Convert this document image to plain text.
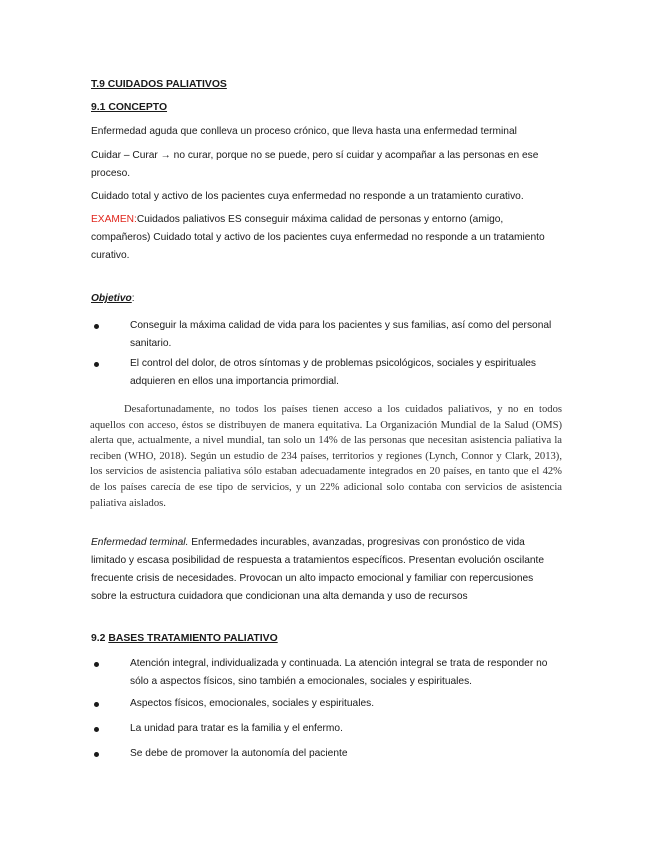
T.9 CUIDADOS PALIATIVOS

9.1 CONCEPTO

Enfermedad aguda que conlleva un proceso crónico, que lleva hasta una enfermedad terminal

Cuidar – Curar → no curar, porque no se puede, pero sí cuidar y acompañar a las personas en ese proceso.

Cuidado total y activo de los pacientes cuya enfermedad no responde a un tratamiento curativo.

EXAMEN:Cuidados paliativos ES conseguir máxima calidad de personas y entorno (amigo, compañeros) Cuidado total y activo de los pacientes cuya enfermedad no responde a un tratamiento curativo.

Objetivo:

Conseguir la máxima calidad de vida para los pacientes y sus familias, así como del personal sanitario.
El control del dolor, de otros síntomas y de problemas psicológicos, sociales y espirituales adquieren en ellos una importancia primordial.

Desafortunadamente, no todos los países tienen acceso a los cuidados paliativos, y no en todos aquellos con acceso, éstos se distribuyen de manera equitativa. La Organización Mundial de la Salud (OMS) alerta que, actualmente, a nivel mundial, tan solo un 14% de las personas que necesitan asistencia paliativa la reciben (WHO, 2018). Según un estudio de 234 países, territorios y regiones (Lynch, Connor y Clark, 2013), los servicios de asistencia paliativa sólo estaban adecuadamente integrados en 20 países, en tanto que el 42% de los países carecía de ese tipo de servicios, y un 22% adicional solo contaba con servicios de asistencia paliativa aislados.

Enfermedad terminal. Enfermedades incurables, avanzadas, progresivas con pronóstico de vida limitado y escasa posibilidad de respuesta a tratamientos específicos. Presentan evolución oscilante frecuente crisis de necesidades. Provocan un alto impacto emocional y familiar con repercusiones sobre la estructura cuidadora que condicionan una alta demanda y uso de recursos

9.2 BASES TRATAMIENTO PALIATIVO

Atención integral, individualizada y continuada. La atención integral se trata de responder no sólo a aspectos físicos, sino también a emocionales, sociales y espirituales.
Aspectos físicos, emocionales, sociales y espirituales.
La unidad para tratar es la familia y el enfermo.
Se debe de promover la autonomía del paciente
